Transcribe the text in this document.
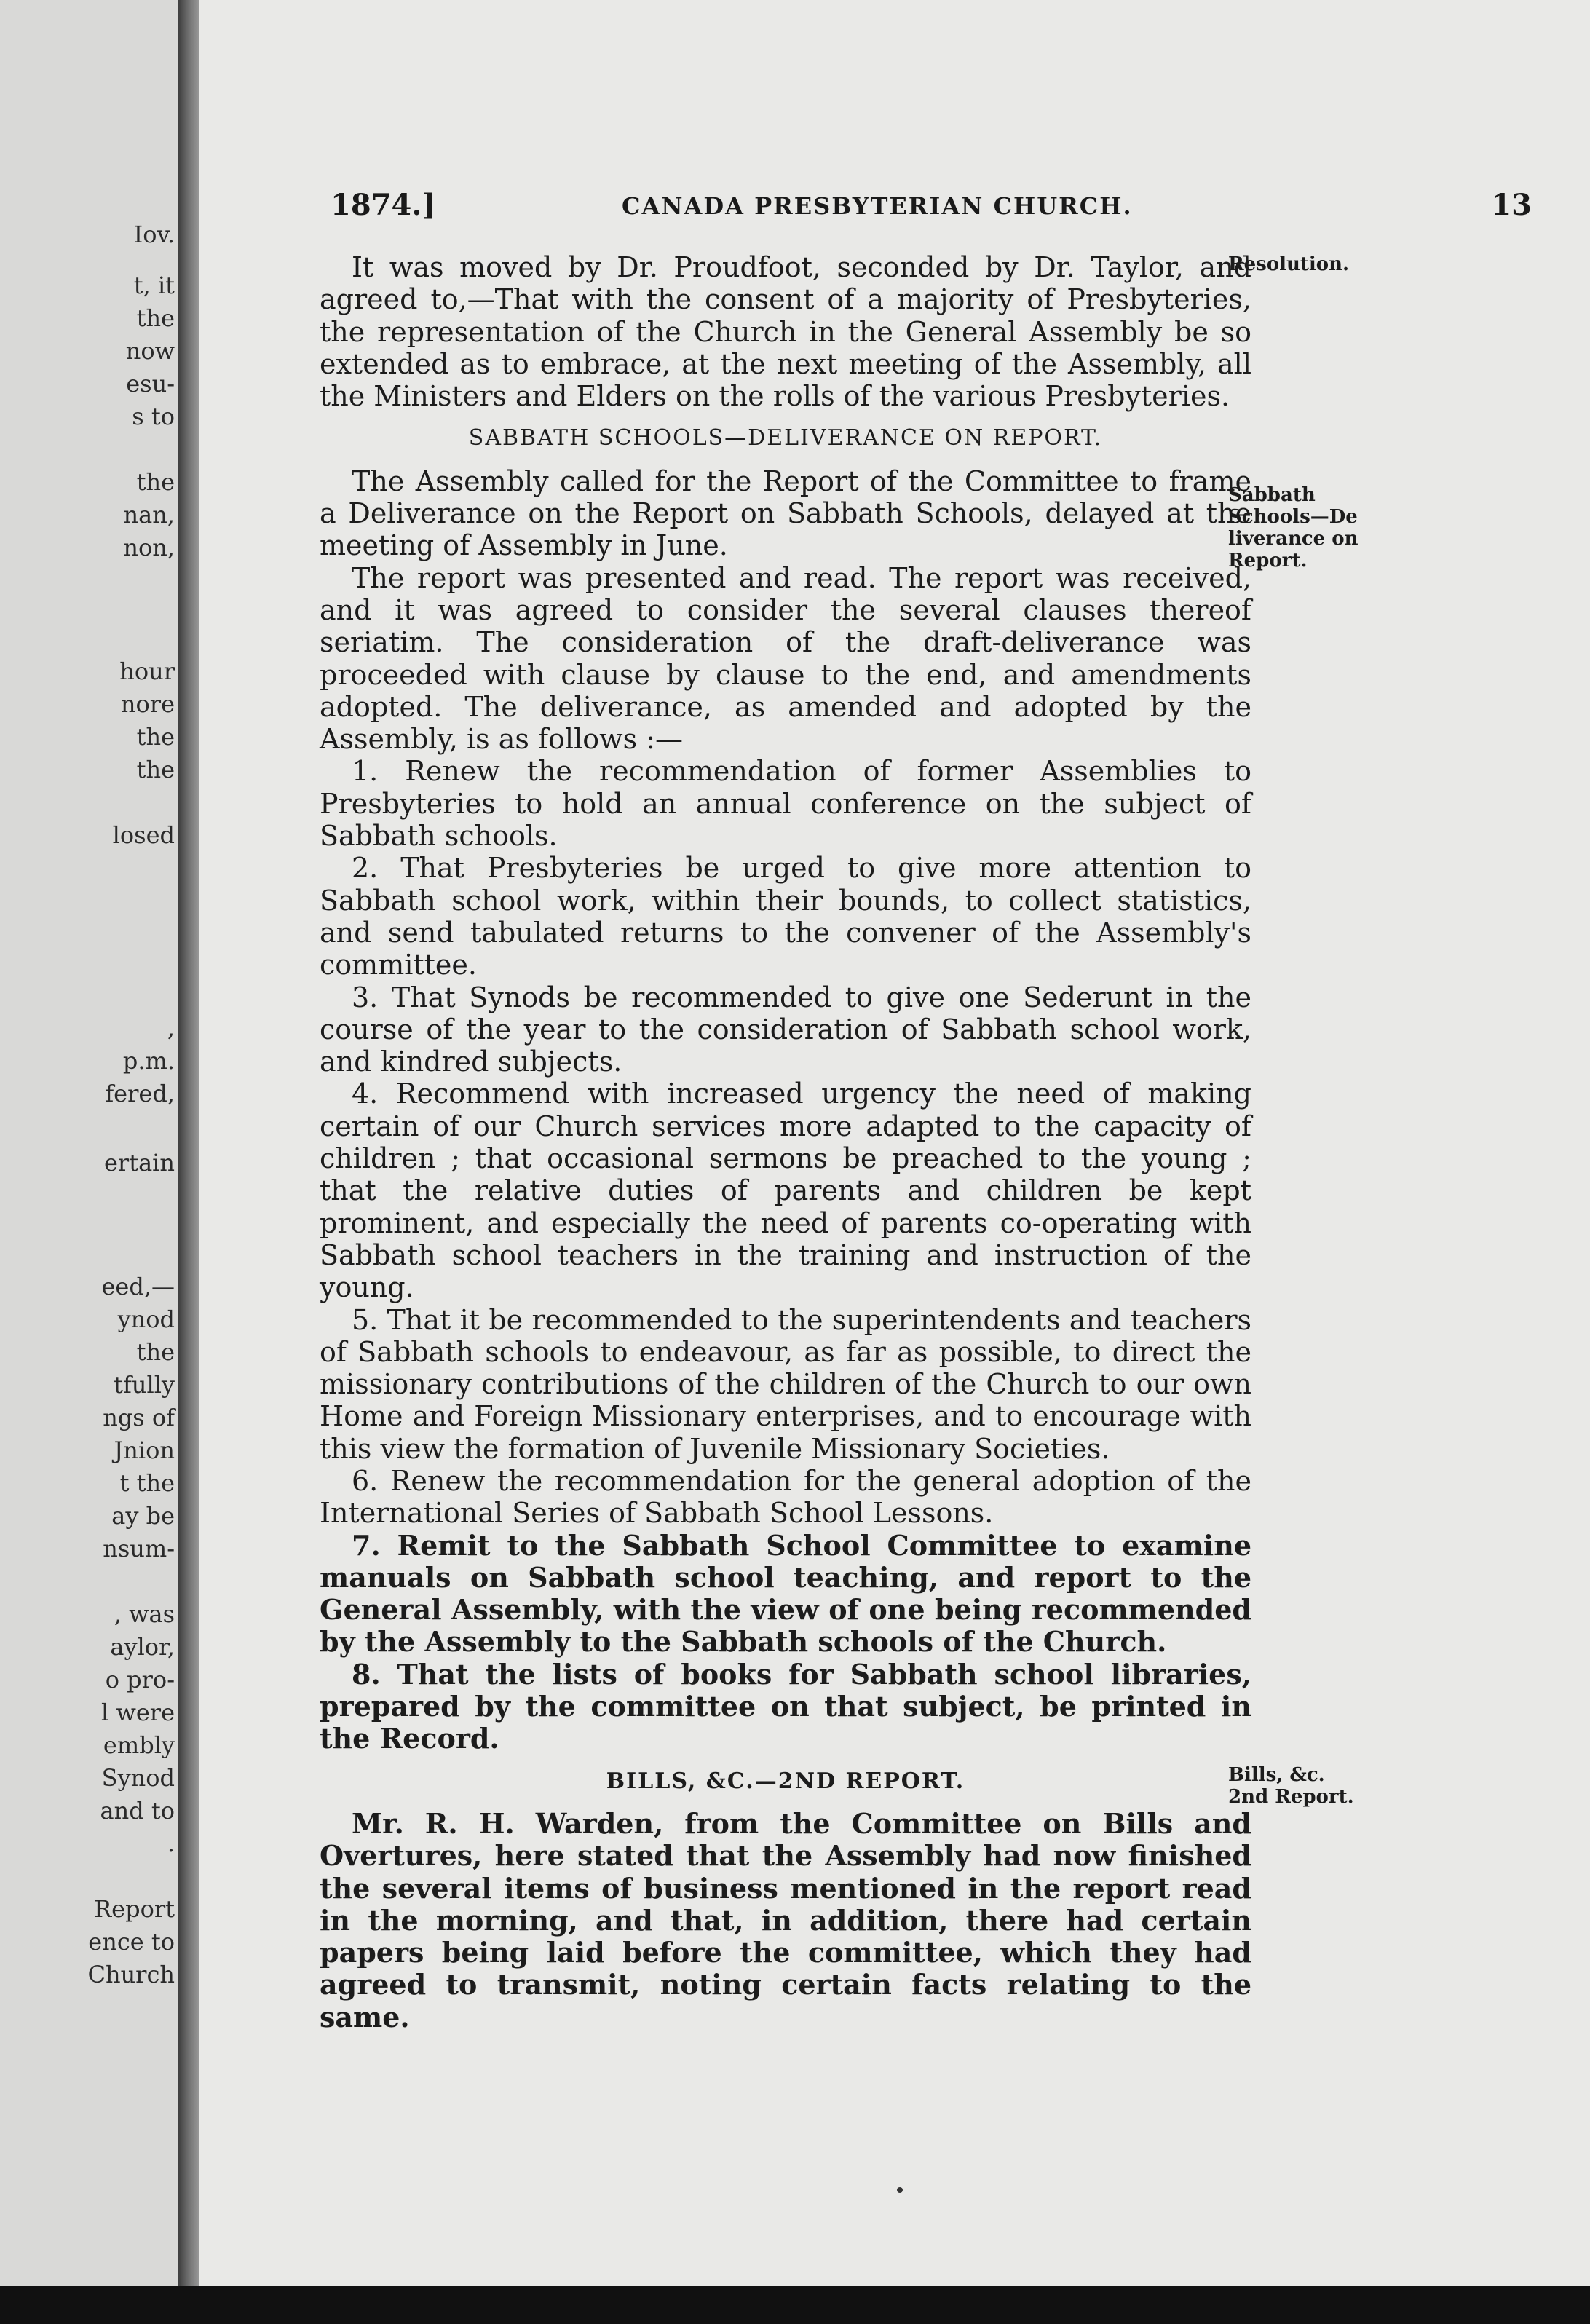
Iov.
t, it
the
now
esu-
s to
the
nan,
non,
hour
nore
the
the
losed
,
p.m.
fered,
ertain
eed,—
ynod
the
tfully
ngs of
Jnion
t the
ay be
nsum-
, was
aylor,
o pro-
l were
embly
Synod
and to
.
Report
ence to
Church
1874.]	CANADA PRESBYTERIAN CHURCH.	13

It was moved by Dr. Proudfoot, seconded by Dr. Taylor, and agreed to,—That with the consent of a majority of Presbyteries, the representation of the Church in the General Assembly be so extended as to embrace, at the next meeting of the Assembly, all the Ministers and Elders on the rolls of the various Presbyteries.

SABBATH SCHOOLS—DELIVERANCE ON REPORT.

The Assembly called for the Report of the Committee to frame a Deliverance on the Report on Sabbath Schools, delayed at the meeting of Assembly in June.

The report was presented and read. The report was received, and it was agreed to consider the several clauses thereof seriatim. The consideration of the draft-deliverance was proceeded with clause by clause to the end, and amendments adopted. The deliverance, as amended and adopted by the Assembly, is as follows :—

1. Renew the recommendation of former Assemblies to Presbyteries to hold an annual conference on the subject of Sabbath schools.

2. That Presbyteries be urged to give more attention to Sabbath school work, within their bounds, to collect statistics, and send tabulated returns to the convener of the Assembly's committee.

3. That Synods be recommended to give one Sederunt in the course of the year to the consideration of Sabbath school work, and kindred subjects.

4. Recommend with increased urgency the need of making certain of our Church services more adapted to the capacity of children ; that occasional sermons be preached to the young ; that the relative duties of parents and children be kept prominent, and especially the need of parents co-operating with Sabbath school teachers in the training and instruction of the young.

5. That it be recommended to the superintendents and teachers of Sabbath schools to endeavour, as far as possible, to direct the missionary contributions of the children of the Church to our own Home and Foreign Missionary enterprises, and to encourage with this view the formation of Juvenile Missionary Societies.

6. Renew the recommendation for the general adoption of the International Series of Sabbath School Lessons.

7. Remit to the Sabbath School Committee to examine manuals on Sabbath school teaching, and report to the General Assembly, with the view of one being recommended by the Assembly to the Sabbath schools of the Church.

8. That the lists of books for Sabbath school libraries, prepared by the committee on that subject, be printed in the Record.

BILLS, &C.—2ND REPORT.

Mr. R. H. Warden, from the Committee on Bills and Overtures, here stated that the Assembly had now finished the several items of business mentioned in the report read in the morning, and that, in addition, there had certain papers being laid before the committee, which they had agreed to transmit, noting certain facts relating to the same.

Resolution.
Sabbath
Schools—De
liverance on
Report.
Bills, &c.
2nd Report.
